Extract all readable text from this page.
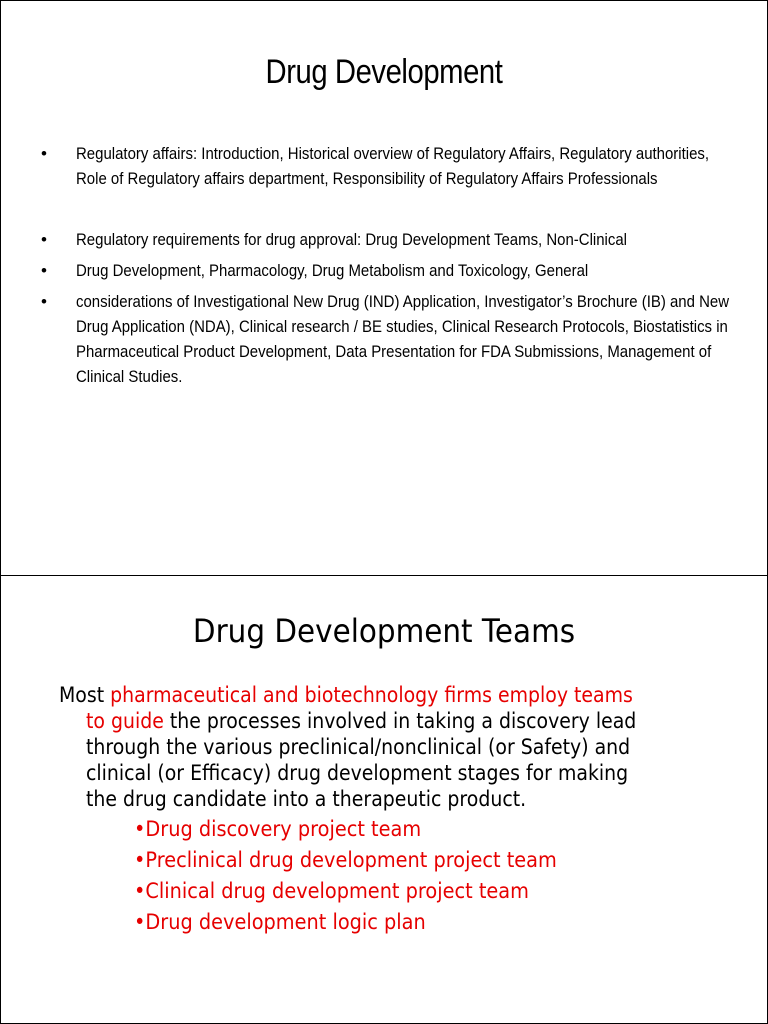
Drug Development
• Regulatory affairs: Introduction, Historical overview of Regulatory Affairs, Regulatory authorities, Role of Regulatory affairs department, Responsibility of Regulatory Affairs Professionals
• Regulatory requirements for drug approval: Drug Development Teams, Non-Clinical
• Drug Development, Pharmacology, Drug Metabolism and Toxicology, General
• considerations of Investigational New Drug (IND) Application, Investigator’s Brochure (IB) and New Drug Application (NDA), Clinical research / BE studies, Clinical Research Protocols, Biostatistics in Pharmaceutical Product Development, Data Presentation for FDA Submissions, Management of Clinical Studies.
Drug Development Teams
Most pharmaceutical and biotechnology firms employ teams
to guide the processes involved in taking a discovery lead
through the various preclinical/nonclinical (or Safety) and
clinical (or Efficacy) drug development stages for making
the drug candidate into a therapeutic product.
•Drug discovery project team
•Preclinical drug development project team
•Clinical drug development project team
•Drug development logic plan
